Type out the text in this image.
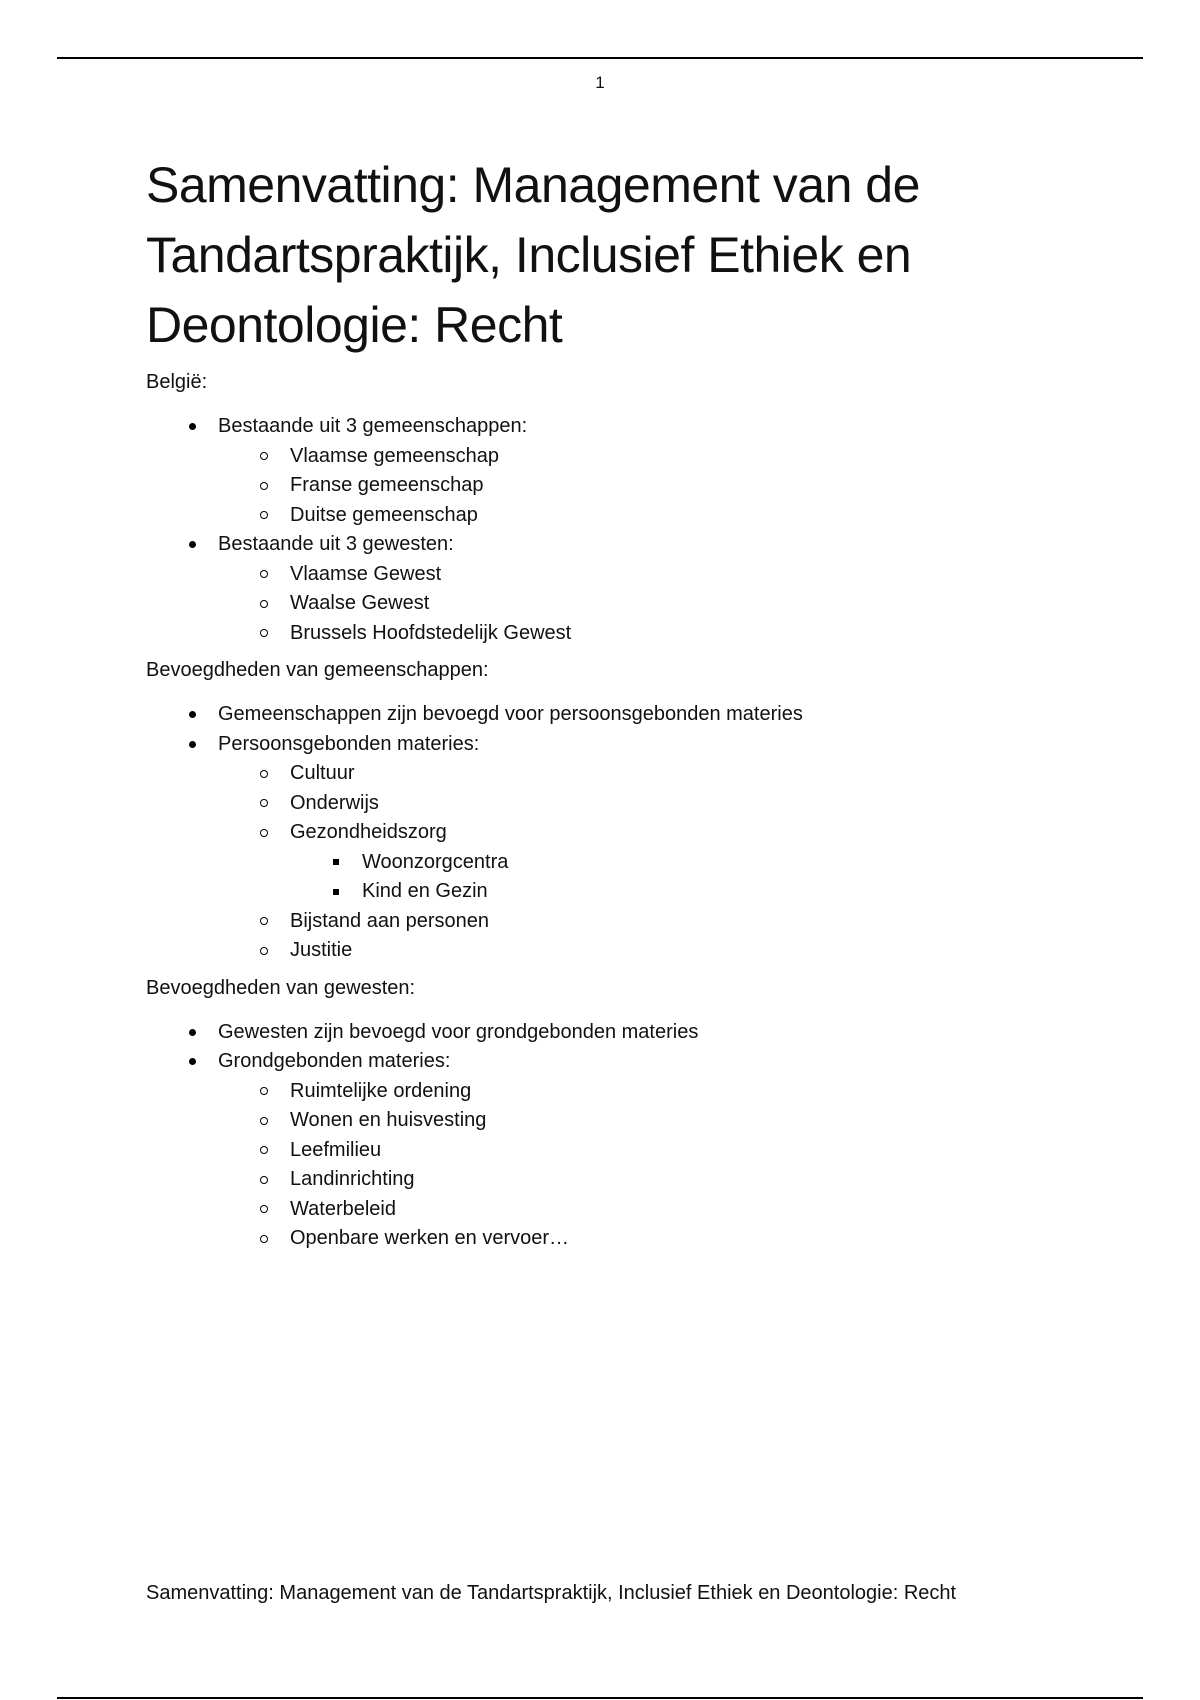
1
Samenvatting: Management van de Tandartspraktijk, Inclusief Ethiek en Deontologie: Recht

België:

Bestaande uit 3 gemeenschappen:
Vlaamse gemeenschap
Franse gemeenschap
Duitse gemeenschap
Bestaande uit 3 gewesten:
Vlaamse Gewest
Waalse Gewest
Brussels Hoofdstedelijk Gewest

Bevoegdheden van gemeenschappen:

Gemeenschappen zijn bevoegd voor persoonsgebonden materies
Persoonsgebonden materies:
Cultuur
Onderwijs
Gezondheidszorg
Woonzorgcentra
Kind en Gezin
Bijstand aan personen
Justitie

Bevoegdheden van gewesten:

Gewesten zijn bevoegd voor grondgebonden materies
Grondgebonden materies:
Ruimtelijke ordening
Wonen en huisvesting
Leefmilieu
Landinrichting
Waterbeleid
Openbare werken en vervoer…
Samenvatting: Management van de Tandartspraktijk, Inclusief Ethiek en Deontologie: Recht
